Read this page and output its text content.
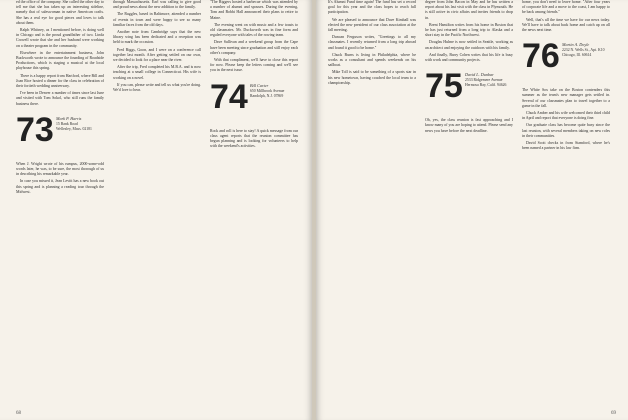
ed the office of the company. She called the other day to tell me that she has taken up an interesting sideline, namely that of saleswoman in native American crafts. She has a real eye for good pieces and loves to talk about them.

Ralph Whitney, as I mentioned before, is doing well in Chicago and is the proud grandfather of two. Linda Crowell wrote that she and her husband were working on a theater program in the community.

Elsewhere in the entertainment business, John Buckworth wrote to announce the founding of Roadside Productions, which is staging a musical at the local playhouse this spring.

There is a happy report from Hartford, where Bill and Joan Rice hosted a dinner for the class in celebration of their fortieth wedding anniversary.

I've been in Denver a number of times since last June and visited with Tom Sokol, who still runs the family business there.

73 Mark P. Harris
15 Bank Road
Wellesley, Mass. 02181

When J. Wright wrote of his rumpus, 2000-some-odd words later, he was, to be sure, the most thorough of us in describing his remarkable year.

In case you missed it, Jean Levitt has a new book out this spring and is planning a reading tour through the Midwest.

through Massachusetts. Earl was calling to give good and proud news about the new addition to the family.

The Ruggles, based in Baltimore, attended a number of events in town and were happy to see so many familiar faces from the old days.

Another note from Cambridge says that the new library wing has been dedicated and a reception was held to mark the occasion.

Fred Riggs, Goon, and I were on a conference call together last month. After getting settled on our own, we decided to look for a place near the river.

After the trip, Fred completed his M.B.A. and is now teaching at a small college in Connecticut. His wife is working on a novel.

If you can, please write and tell us what you're doing. We'd love to hear.

"The Riggers hosted a barbecue which was attended by a number of alumni and spouses. During the evening, Tom and Bobbi Hall announced their plans to retire to Maine.

The evening went on with music and a few toasts to old classmates. Mr. Duckworth was in fine form and regaled everyone with tales of the rowing team.

Dave Sullivan and a weekend group from the Cape have been meeting since graduation and still enjoy each other's company.

With that compliment, we'll have to close this report for now. Please keep the letters coming and we'll see you in the next issue.

74 Bill Carter
650 Millbrook Avenue
Randolph, N.J. 07869

Rock and roll is here to stay! A quick message from our class agent reports that the reunion committee has begun planning and is looking for volunteers to help with the weekend's activities.

68

It's Alumni Fund time again! The fund has set a record goal for this year and the class hopes to reach full participation.

We are pleased to announce that Dave Kimball was elected the new president of our class association at the fall meeting.

Duncan Ferguson writes, "Greetings to all my classmates. I recently returned from a long trip abroad and found it good to be home."

Chuck Burns is living in Philadelphia, where he works as a consultant and spends weekends on his sailboat.

Mike Toll is said to be something of a sports star in his new hometown, having coached the local team to a championship.

degree from John Bacon in May and he has written a report about his last visit with the class in Plymouth. He is still active in civic affairs and invites friends to drop in.

Brent Hamilton writes from his home in Boston that he has just returned from a long trip to Alaska and a short stay in the Pacific Northwest.

Douglas Hulme is now settled in Seattle, working as an architect and enjoying the outdoors with his family.

And finally, Barry Cohen writes that his life is busy with work and community projects.

75 David L. Dunbar
2533 Ridgemere Avenue
Hermosa Bay, Calif. 94626

Oh, yes, the class reunion is fast approaching and I know many of you are hoping to attend. Please send any news you have before the next deadline.

home, you don't need to leave home. "After four years of corporate life and a move to the coast, I am happy to be back among friends."

Well, that's all the time we have for our news today. We'll have to talk about back home and catch up on all the news next time.

76 Martin A. Doyle
2232 N. Wells St., Apt. K10
Chicago, Ill. 60614

The White Sox take on the Boston contenders this summer as the team's new manager gets settled in. Several of our classmates plan to travel together to a game in the fall.

Chuck Amber and his wife welcomed their third child in April and report that everyone is doing fine.

Our graduate class has become quite busy since the last reunion, with several members taking on new roles in their communities.

David Scott checks in from Stamford, where he's been named a partner in his law firm.

69
